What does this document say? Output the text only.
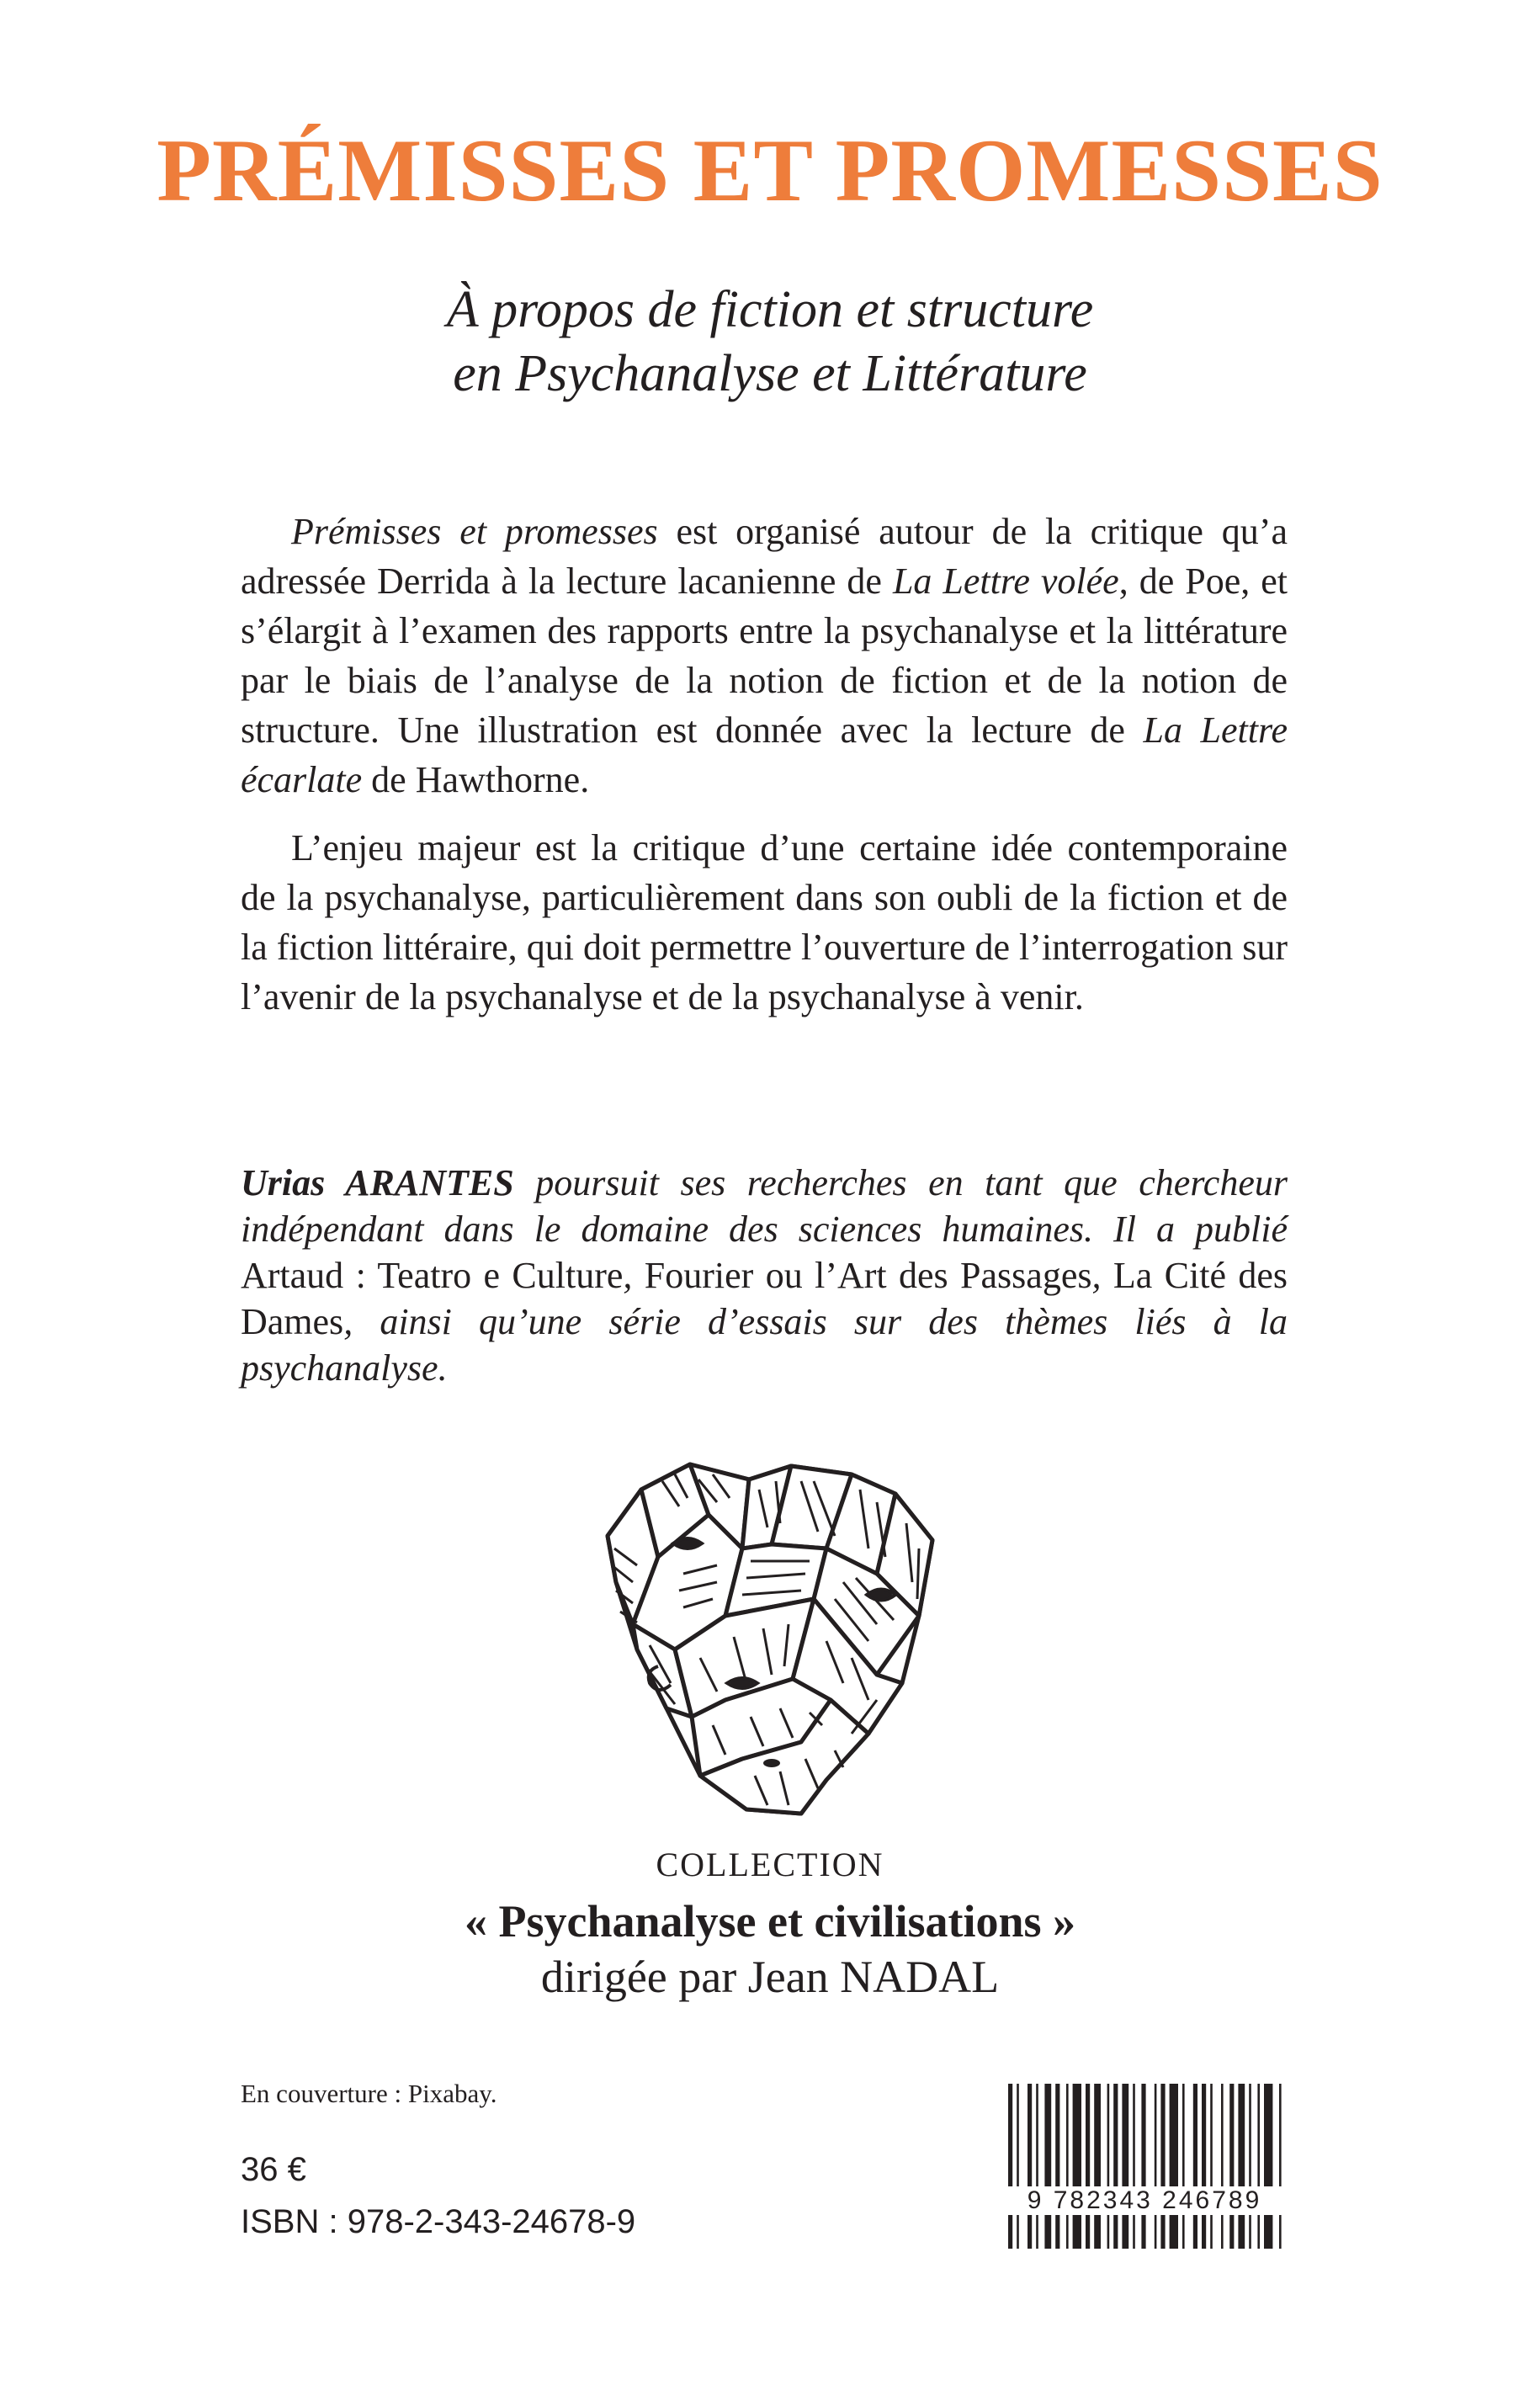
PRÉMISSES ET PROMESSES
À propos de fiction et structure
en Psychanalyse et Littérature

Prémisses et promesses est organisé autour de la critique qu’a adressée Derrida à la lecture lacanienne de La Lettre volée, de Poe, et s’élargit à l’examen des rapports entre la psychanalyse et la littérature par le biais de l’analyse de la notion de fiction et de la notion de structure. Une illustration est donnée avec la lecture de La Lettre écarlate de Hawthorne.

L’enjeu majeur est la critique d’une certaine idée contemporaine de la psychanalyse, particulièrement dans son oubli de la fiction et de la fiction littéraire, qui doit permettre l’ouverture de l’interrogation sur l’avenir de la psychanalyse et de la psychanalyse à venir.

Urias ARANTES poursuit ses recherches en tant que chercheur indépendant dans le domaine des sciences humaines. Il a publié Artaud : Teatro e Culture, Fourier ou l’Art des Passages, La Cité des Dames, ainsi qu’une série d’essais sur des thèmes liés à la psychanalyse.
COLLECTION
« Psychanalyse et civilisations »
dirigée par Jean NADAL
En couverture : Pixabay.
36 €
ISBN : 978-2-343-24678-9
9 782343 246789
